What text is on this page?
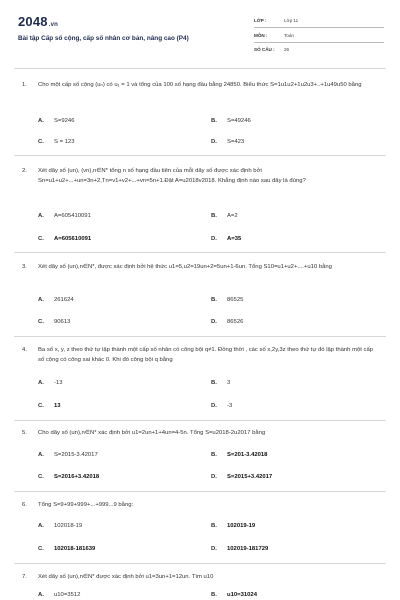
2048.vn
Bài tập Cấp số cộng, cấp số nhân cơ bản, nâng cao (P4)
LỚP :	Lớp 11
MÔN :	Toán
SỐ CÂU : 26
1. Cho một cấp số cộng (uₙ) có u₁ = 1 và tổng của 100 số hạng đầu bằng 24850. Biểu thức S=1u1u2+1u2u3+..+1u49u50 bằng
A. S=9246	B. S=49246
C. S = 123	D. S=423
2. Xét dãy số (un), (vn),n∈N* tổng n số hạng đầu tiên của mỗi dãy số được xác định bởi Sn=u1+u2+...+un=3n+2,Tn=v1+v2+...+vn=5n+1.Đặt A=u2018v2018. Khẳng định nào sau đây là đúng?
A. A=605410091	B. A=2
C. A=605610091	D. A=35
3. Xét dãy số (un),n∈N*, được xác định bởi hệ thức u1=5,u2=19un+2=5un+1-6un. Tổng S10=u1+u2+....+u10 bằng
A. 261624	B. 86525
C. 90613	D. 86526
4. Ba số x, y, z theo thứ tự lập thành một cấp số nhân có công bội q≠1. Đồng thời , các số x,2y,3z theo thứ tự đó lập thành một cấp số cộng có công sai khác 0. Khi đó công bội q bằng
A. -13	B. 3
C. 13	D. -3
5. Cho dãy số (un),n∈N* xác định bởi u1=2un+1+4un=4-5n. Tổng S=u2018-2u2017 bằng
A. S=2015-3.42017	B. S=201-3.42018
C. S=2016+3.42018	D. S=2015+3.42017
6. Tổng S=9+99+999+...+999...9 bằng:
A. 102018-19	B. 102019-19
C. 102018-181639	D. 102019-181729
7. Xét dãy số (un),n∈N* được xác định bởi u1=3un+1=12un. Tìm u10
A. u10=3512	B. u10=31024
